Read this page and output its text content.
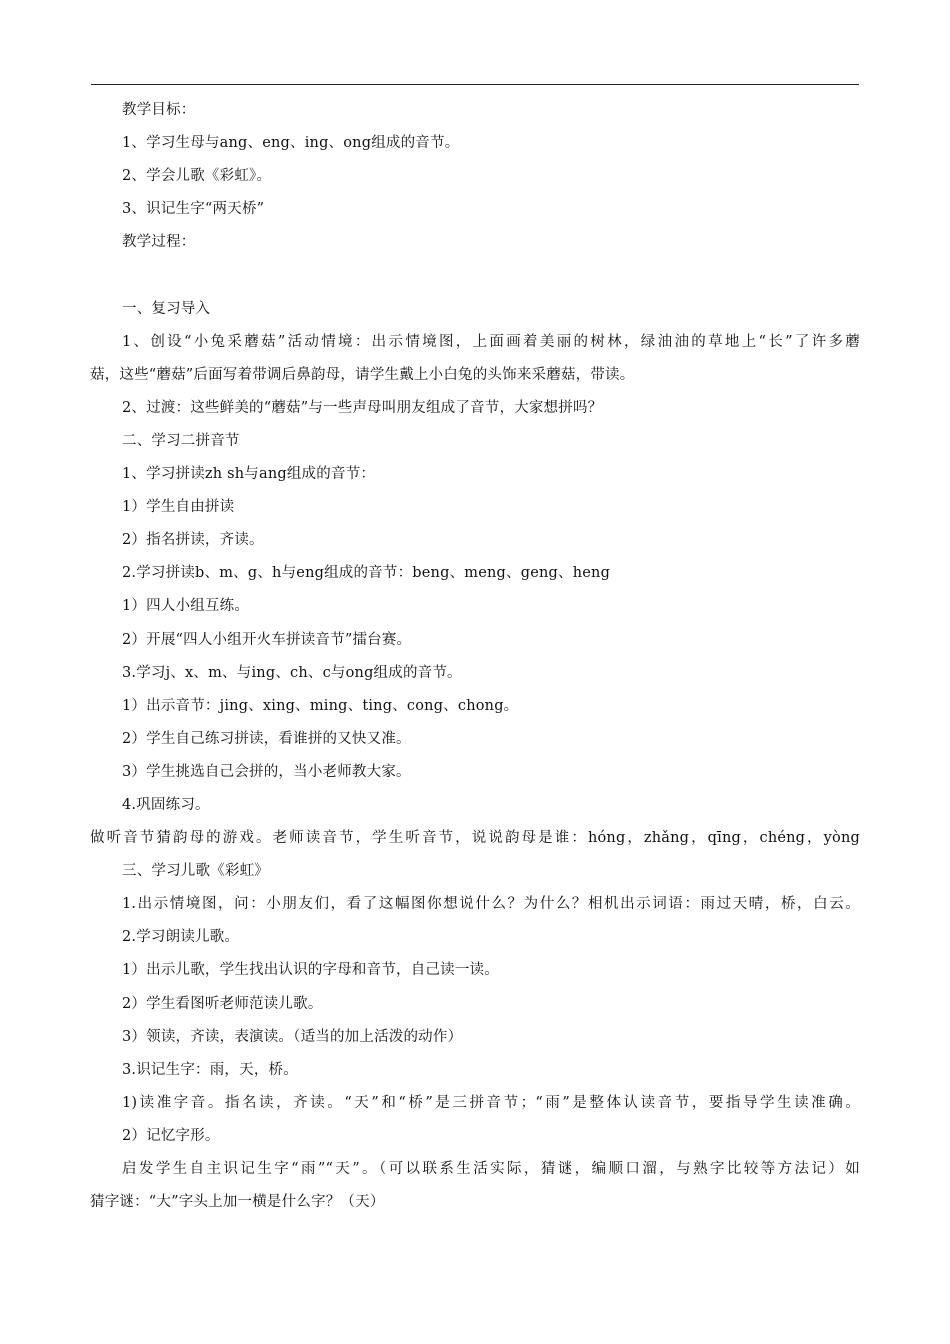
教学目标：
1、学习生母与ang、eng、ing、ong组成的音节。
2、学会儿歌《彩虹》。
3、识记生字“两天桥”
教学过程：
一、复习导入
1、创设“小兔采蘑菇”活动情境：出示情境图，上面画着美丽的树林，绿油油的草地上“长”了许多蘑
菇，这些“蘑菇”后面写着带调后鼻韵母，请学生戴上小白兔的头饰来采蘑菇，带读。
2、过渡：这些鲜美的“蘑菇”与一些声母叫朋友组成了音节，大家想拼吗？
二、学习二拼音节
1、学习拼读zh sh与ang组成的音节：
1）学生自由拼读
2）指名拼读，齐读。
2.学习拼读b、m、g、h与eng组成的音节：beng、meng、geng、heng
1）四人小组互练。
2）开展“四人小组开火车拼读音节”擂台赛。
3.学习j、x、m、与ing、ch、c与ong组成的音节。
1）出示音节：jing、xing、ming、ting、cong、chong。
2）学生自己练习拼读，看谁拼的又快又准。
3）学生挑选自己会拼的，当小老师教大家。
4.巩固练习。
做听音节猜韵母的游戏。老师读音节，学生听音节，说说韵母是谁：hóng，zhǎng，qīng，chéng，yòng
三、学习儿歌《彩虹》
1.出示情境图，问：小朋友们，看了这幅图你想说什么？为什么？相机出示词语：雨过天晴，桥，白云。
2.学习朗读儿歌。
1）出示儿歌，学生找出认识的字母和音节，自己读一读。
2）学生看图听老师范读儿歌。
3）领读，齐读，表演读。（适当的加上活泼的动作）
3.识记生字：雨，天，桥。
1)读准字音。指名读，齐读。“天”和“桥”是三拼音节；“雨”是整体认读音节，要指导学生读准确。
2）记忆字形。
启发学生自主识记生字“雨”“天”。（可以联系生活实际，猜谜，编顺口溜，与熟字比较等方法记）如
猜字谜：“大”字头上加一横是什么字？（天）
